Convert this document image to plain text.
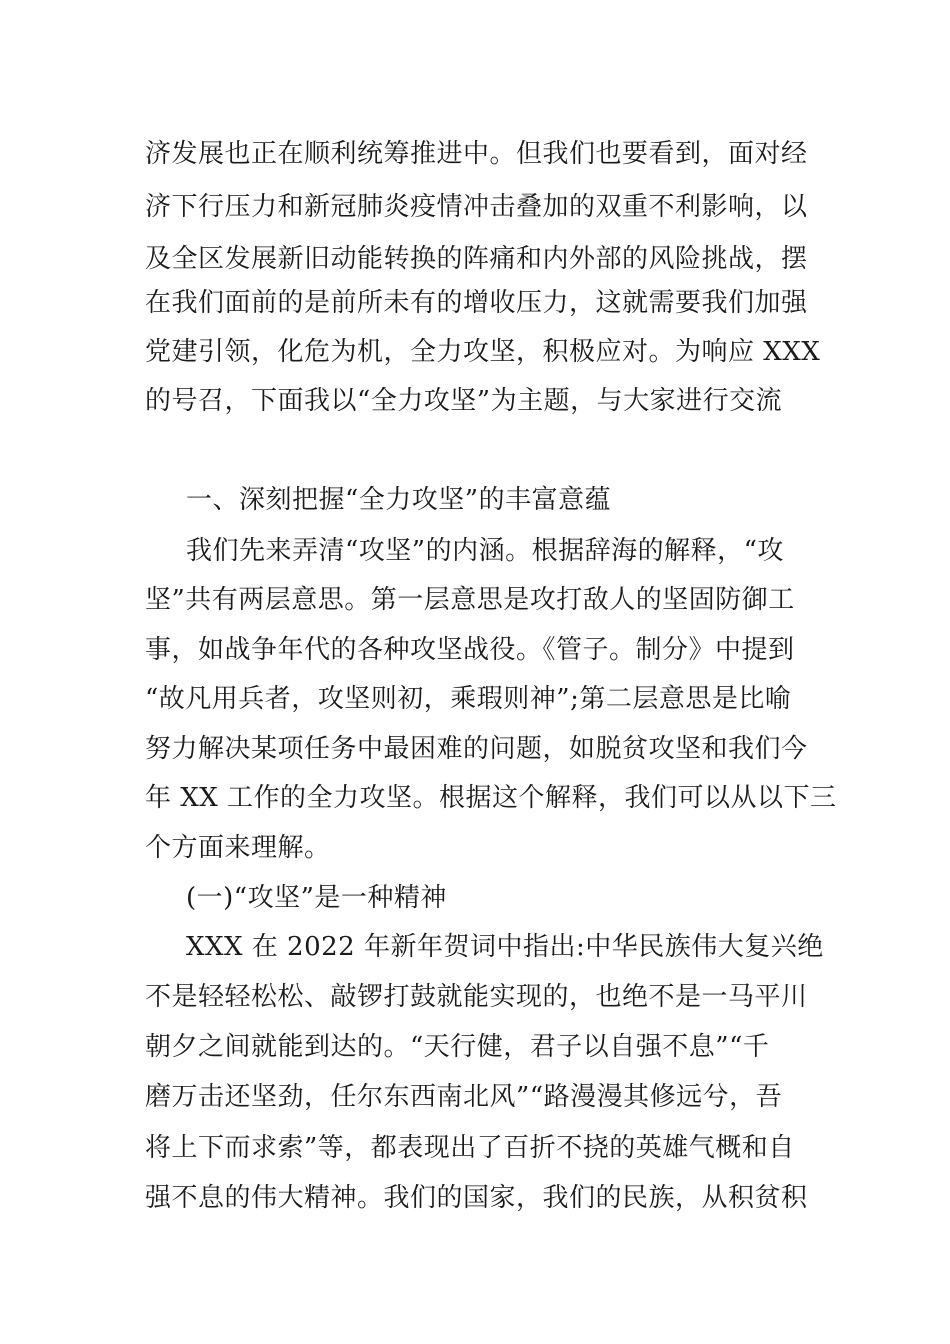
济发展也正在顺利统筹推进中。但我们也要看到，面对经
济下行压力和新冠肺炎疫情冲击叠加的双重不利影响，以
及全区发展新旧动能转换的阵痛和内外部的风险挑战，摆
在我们面前的是前所未有的增收压力，这就需要我们加强
党建引领，化危为机，全力攻坚，积极应对。为响应 XXX
的号召，下面我以“全力攻坚”为主题，与大家进行交流
一、深刻把握“全力攻坚”的丰富意蕴
我们先来弄清“攻坚”的内涵。根据辞海的解释，“攻
坚”共有两层意思。第一层意思是攻打敌人的坚固防御工
事，如战争年代的各种攻坚战役。《管子。制分》中提到
“故凡用兵者，攻坚则初，乘瑕则神”;第二层意思是比喻
努力解决某项任务中最困难的问题，如脱贫攻坚和我们今
年 XX 工作的全力攻坚。根据这个解释，我们可以从以下三
个方面来理解。
(一)“攻坚”是一种精神
XXX 在 2022 年新年贺词中指出:中华民族伟大复兴绝
不是轻轻松松、敲锣打鼓就能实现的，也绝不是一马平川
朝夕之间就能到达的。“天行健，君子以自强不息”“千
磨万击还坚劲，任尔东西南北风”“路漫漫其修远兮，吾
将上下而求索”等，都表现出了百折不挠的英雄气概和自
强不息的伟大精神。我们的国家，我们的民族，从积贫积
